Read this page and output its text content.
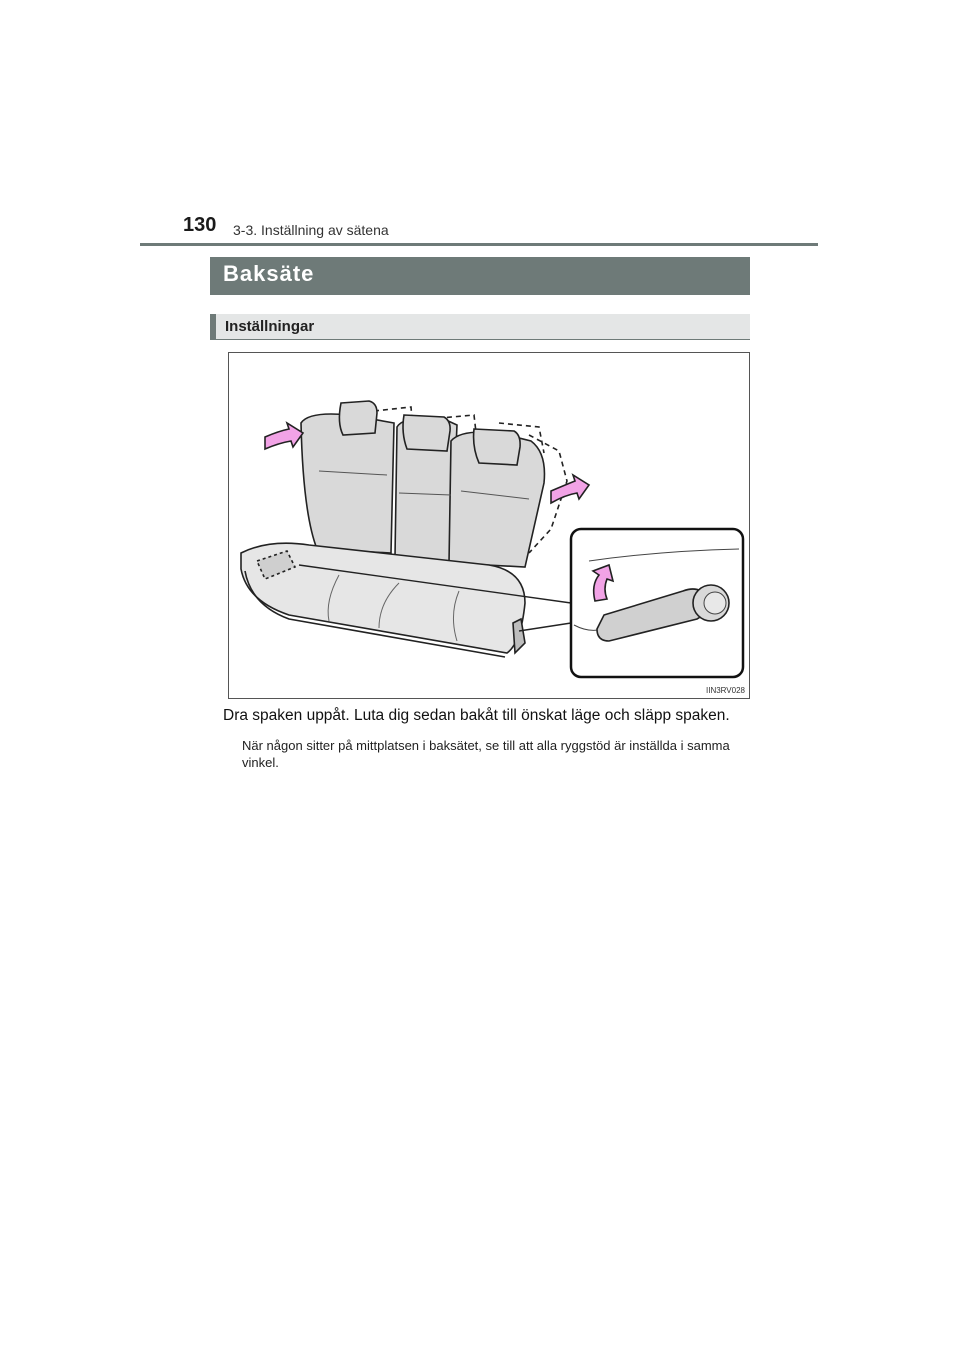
130 3-3. Inställning av sätena
Baksäte
Inställningar
IIN3RV028
Dra spaken uppåt. Luta dig sedan bakåt till önskat läge och släpp spaken.
När någon sitter på mittplatsen i baksätet, se till att alla ryggstöd är inställda i samma vinkel.
